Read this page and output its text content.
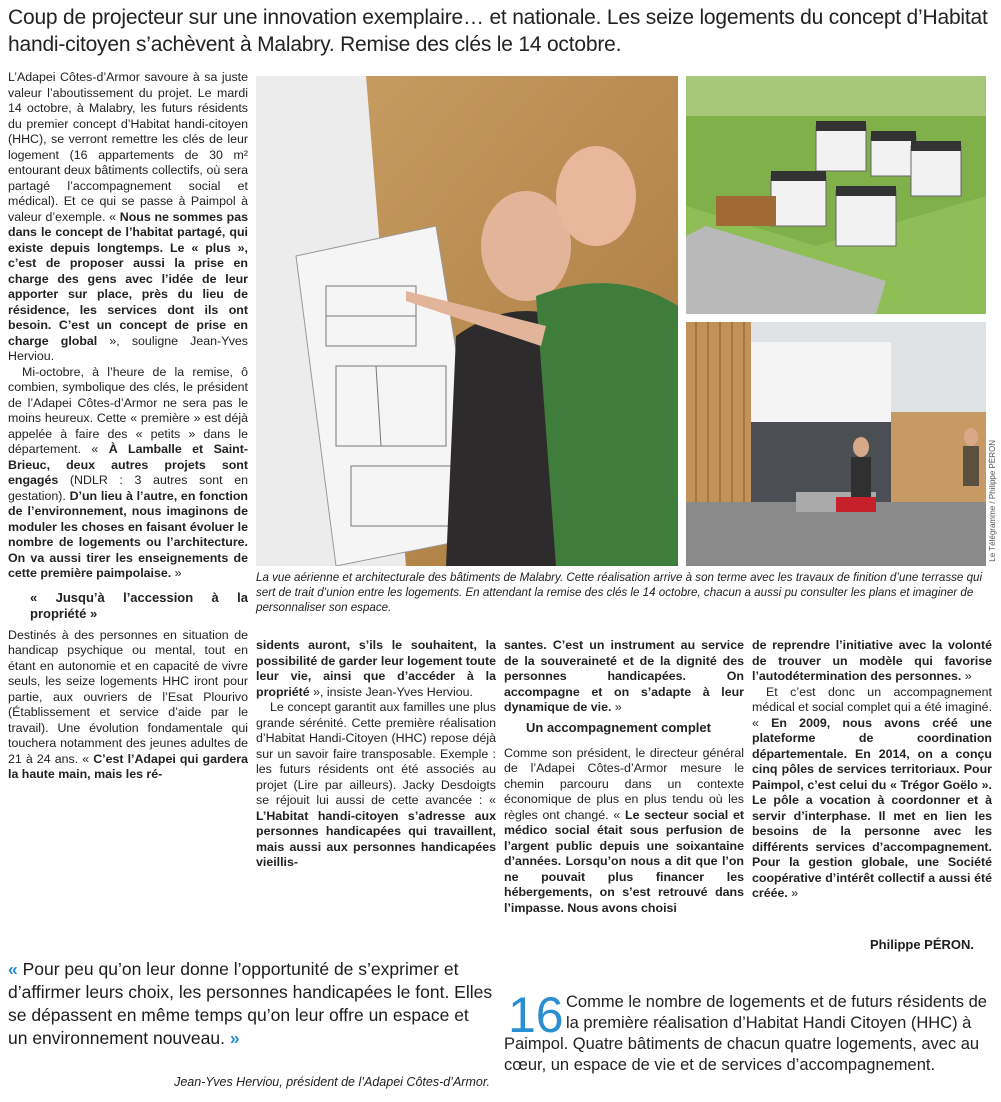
Coup de projecteur sur une innovation exemplaire… et nationale. Les seize logements du concept d’Habitat handi-citoyen s’achèvent à Malabry. Remise des clés le 14 octobre.

L’Adapei Côtes-d’Armor savoure à sa juste valeur l’aboutissement du projet. Le mardi 14 octobre, à Malabry, les futurs résidents du premier concept d’Habitat handi-citoyen (HHC), se verront remettre les clés de leur logement (16 appartements de 30 m² entourant deux bâtiments collectifs, où sera partagé l’accompagnement social et médical). Et ce qui se passe à Paimpol à valeur d’exemple. « Nous ne sommes pas dans le concept de l’habitat partagé, qui existe depuis longtemps. Le « plus », c’est de proposer aussi la prise en charge des gens avec l’idée de leur apporter sur place, près du lieu de résidence, les services dont ils ont besoin. C’est un concept de prise en charge global », souligne Jean-Yves Herviou.

Mi-octobre, à l’heure de la remise, ô combien, symbolique des clés, le président de l’Adapei Côtes-d’Armor ne sera pas le moins heureux. Cette « première » est déjà appelée à faire des « petits » dans le département. « À Lamballe et Saint-Brieuc, deux autres projets sont engagés (NDLR : 3 autres sont en gestation). D’un lieu à l’autre, en fonction de l’environnement, nous imaginons de moduler les choses en faisant évoluer le nombre de logements ou l’architecture. On va aussi tirer les enseignements de cette première paimpolaise. »

« Jusqu’à l’accession à la propriété »

Destinés à des personnes en situation de handicap psychique ou mental, tout en étant en autonomie et en capacité de vivre seuls, les seize logements HHC iront pour partie, aux ouvriers de l’Esat Plourivo (Établissement et service d’aide par le travail). Une évolution fondamentale qui touchera notamment des jeunes adultes de 21 à 24 ans. « C’est l’Adapei qui gardera la haute main, mais les ré-

Le Télégramme / Philippe PÉRON
La vue aérienne et architecturale des bâtiments de Malabry. Cette réalisation arrive à son terme avec les travaux de finition d’une terrasse qui sert de trait d’union entre les logements. En attendant la remise des clés le 14 octobre, chacun a aussi pu consulter les plans et imaginer de personnaliser son espace.

sidents auront, s’ils le souhaitent, la possibilité de garder leur logement toute leur vie, ainsi que d’accéder à la propriété », insiste Jean-Yves Herviou.

Le concept garantit aux familles une plus grande sérénité. Cette première réalisation d’Habitat Handi-Citoyen (HHC) repose déjà sur un savoir faire transposable. Exemple : les futurs résidents ont été associés au projet (Lire par ailleurs). Jacky Desdoigts se réjouit lui aussi de cette avancée : « L’Habitat handi-citoyen s’adresse aux personnes handicapées qui travaillent, mais aussi aux personnes handicapées vieillis-

santes. C’est un instrument au service de la souveraineté et de la dignité des personnes handicapées. On accompagne et on s’adapte à leur dynamique de vie. »

Un accompagnement complet

Comme son président, le directeur général de l’Adapei Côtes-d’Armor mesure le chemin parcouru dans un contexte économique de plus en plus tendu où les règles ont changé. « Le secteur social et médico social était sous perfusion de l’argent public depuis une soixantaine d’années. Lorsqu’on nous a dit que l’on ne pouvait plus financer les hébergements, on s’est retrouvé dans l’impasse. Nous avons choisi

de reprendre l’initiative avec la volonté de trouver un modèle qui favorise l’autodétermination des personnes. »

Et c’est donc un accompagnement médical et social complet qui a été imaginé. « En 2009, nous avons créé une plateforme de coordination départementale. En 2014, on a conçu cinq pôles de services territoriaux. Pour Paimpol, c’est celui du « Trégor Goëlo ». Le pôle a vocation à coordonner et à servir d’interphase. Il met en lien les besoins de la personne avec les différents services d’accompagnement. Pour la gestion globale, une Société coopérative d’intérêt collectif a aussi été créée. »

Philippe PÉRON.
« Pour peu qu’on leur donne l’opportunité de s’exprimer et d’affirmer leurs choix, les personnes handicapées le font. Elles se dépassent en même temps qu’on leur offre un espace et un environnement nouveau. »
Jean-Yves Herviou, président de l’Adapei Côtes-d’Armor.
16 Comme le nombre de logements et de futurs résidents de la première réalisation d’Habitat Handi Citoyen (HHC) à Paimpol. Quatre bâtiments de chacun quatre logements, avec au cœur, un espace de vie et de services d’accompagnement.
